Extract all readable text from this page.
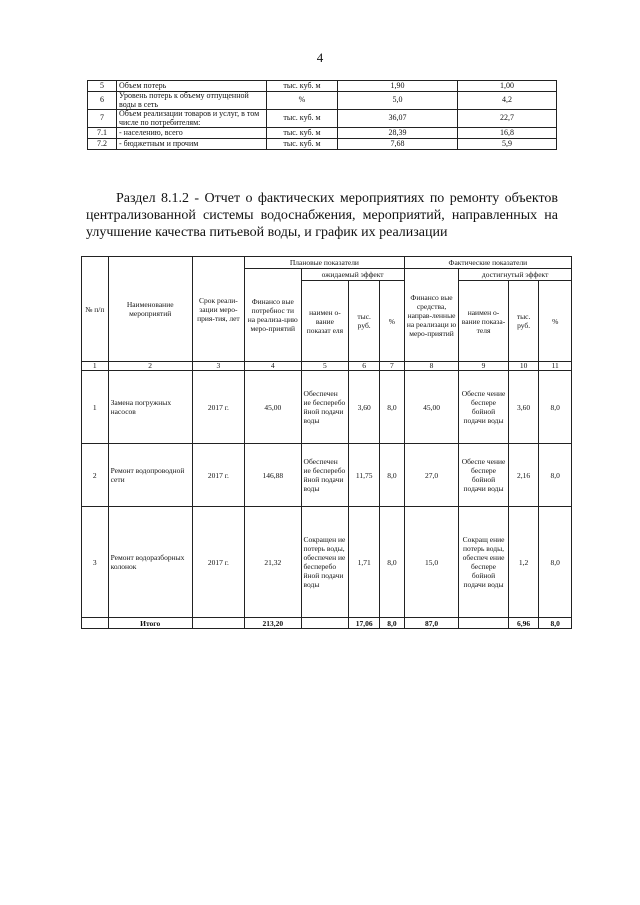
4
5	Объем потерь	тыс. куб. м	1,90	1,00
6	Уровень потерь к объему отпущенной воды в сеть	%	5,0	4,2
7	Объем реализации товаров и услуг, в том числе по потребителям:	тыс. куб. м	36,07	22,7
7.1	- населению, всего	тыс. куб. м	28,39	16,8
7.2	- бюджетным и прочим	тыс. куб. м	7,68	5,9
Раздел 8.1.2 - Отчет о фактических мероприятиях по ремонту объектов централизованной системы водоснабжения, мероприятий, направленных на улучшение качества питьевой воды, и график их реализации
№ п/п	Наименование мероприятий	Срок реали-зации меро-прия-тия, лет	Плановые показатели				Фактические показатели			
			Финансо вые потребнос ти на реализа-цию меро-приятий	ожидаемый эффект			Финансо вые средства, направ-ленные на реализаци ю меро-приятий	достигнутый эффект		
				наимен о-вание показат еля	тыс. руб.	%		наимен о-вание показа-теля	тыс. руб.	%
1	2	3	4	5	6	7	8	9	10	11
1	Замена погружных насосов	2017 г.	45,00	Обеспечен ие бесперебо йной подачи воды	3,60	8,0	45,00	Обеспе чение беспере бойной подачи воды	3,60	8,0
2	Ремонт водопроводной сети	2017 г.	146,88	Обеспечен ие бесперебо йной подачи воды	11,75	8,0	27,0	Обеспе чение беспере бойной подачи воды	2,16	8,0
3	Ремонт водоразборных колонок	2017 г.	21,32	Сокращен ие потерь воды, обеспечен ие бесперебо йной подачи воды	1,71	8,0	15,0	Сокращ ение потерь воды, обеспеч ение беспере бойной подачи воды	1,2	8,0
	Итого		213,20		17,06	8,0	87,0		6,96	8,0
